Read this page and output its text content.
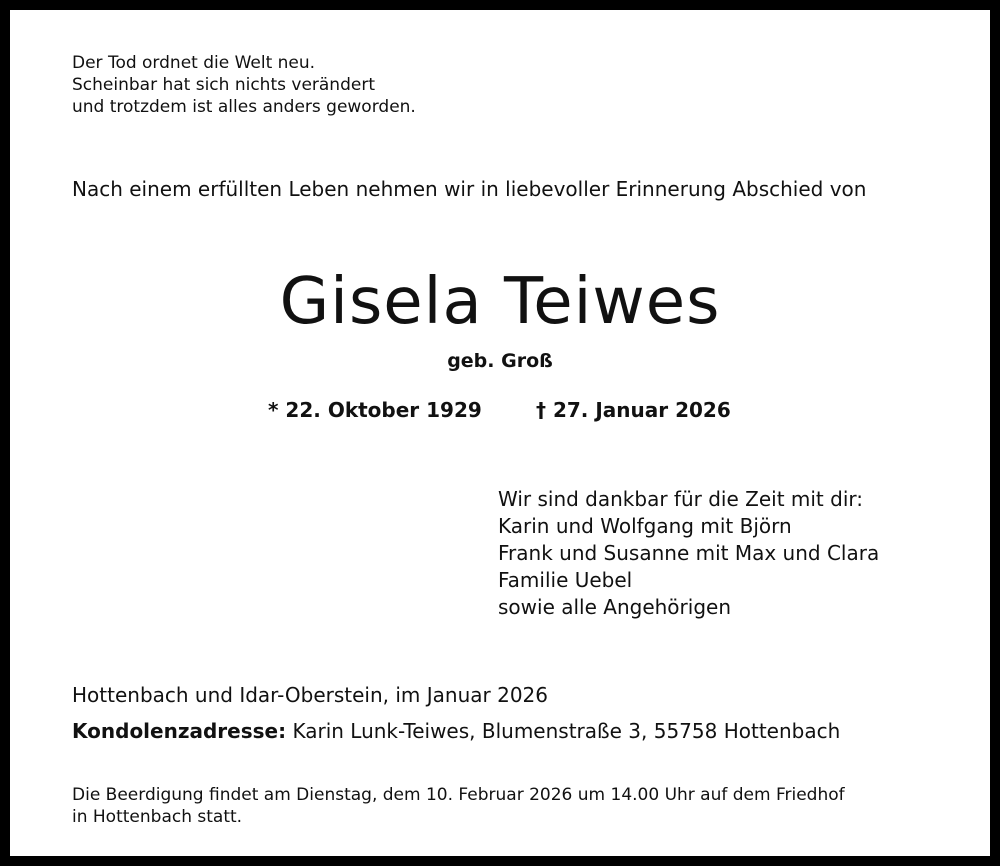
Der Tod ordnet die Welt neu.
Scheinbar hat sich nichts verändert
und trotzdem ist alles anders geworden.
Nach einem erfüllten Leben nehmen wir in liebevoller Erinnerung Abschied von
Gisela Teiwes
geb. Groß
* 22. Oktober 1929	† 27. Januar 2026
Wir sind dankbar für die Zeit mit dir:
Karin und Wolfgang mit Björn
Frank und Susanne mit Max und Clara
Familie Uebel
sowie alle Angehörigen
Hottenbach und Idar-Oberstein, im Januar 2026
Kondolenzadresse: Karin Lunk-Teiwes, Blumenstraße 3, 55758 Hottenbach
Die Beerdigung findet am Dienstag, dem 10. Februar 2026 um 14.00 Uhr auf dem Friedhof
in Hottenbach statt.
